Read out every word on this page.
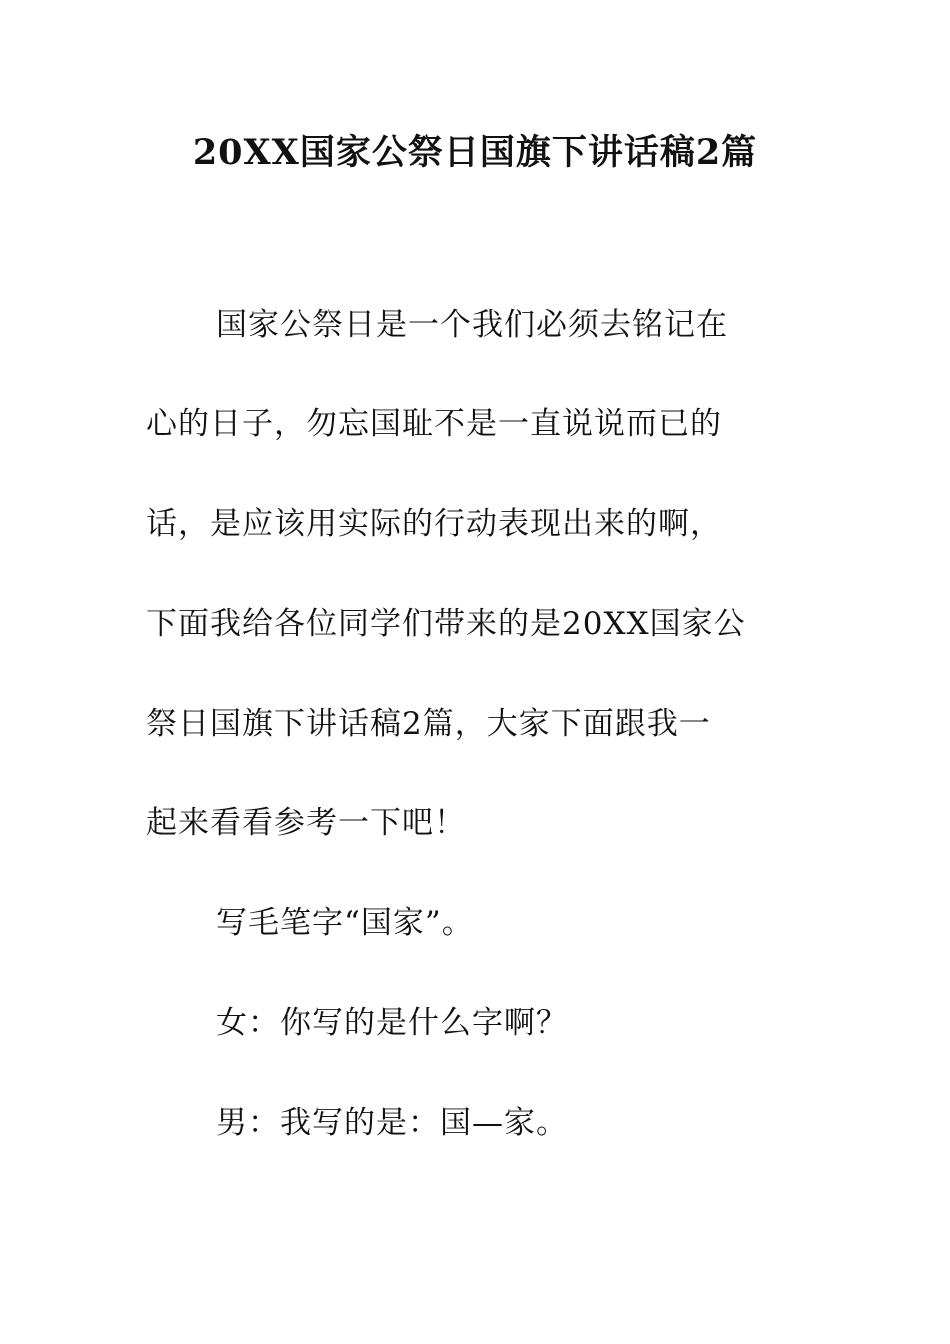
20XX国家公祭日国旗下讲话稿2篇
国家公祭日是一个我们必须去铭记在
心的日子，勿忘国耻不是一直说说而已的
话，是应该用实际的行动表现出来的啊，
下面我给各位同学们带来的是20XX国家公
祭日国旗下讲话稿2篇，大家下面跟我一
起来看看参考一下吧！
写毛笔字“国家”。
女：你写的是什么字啊？
男：我写的是：国—家。
